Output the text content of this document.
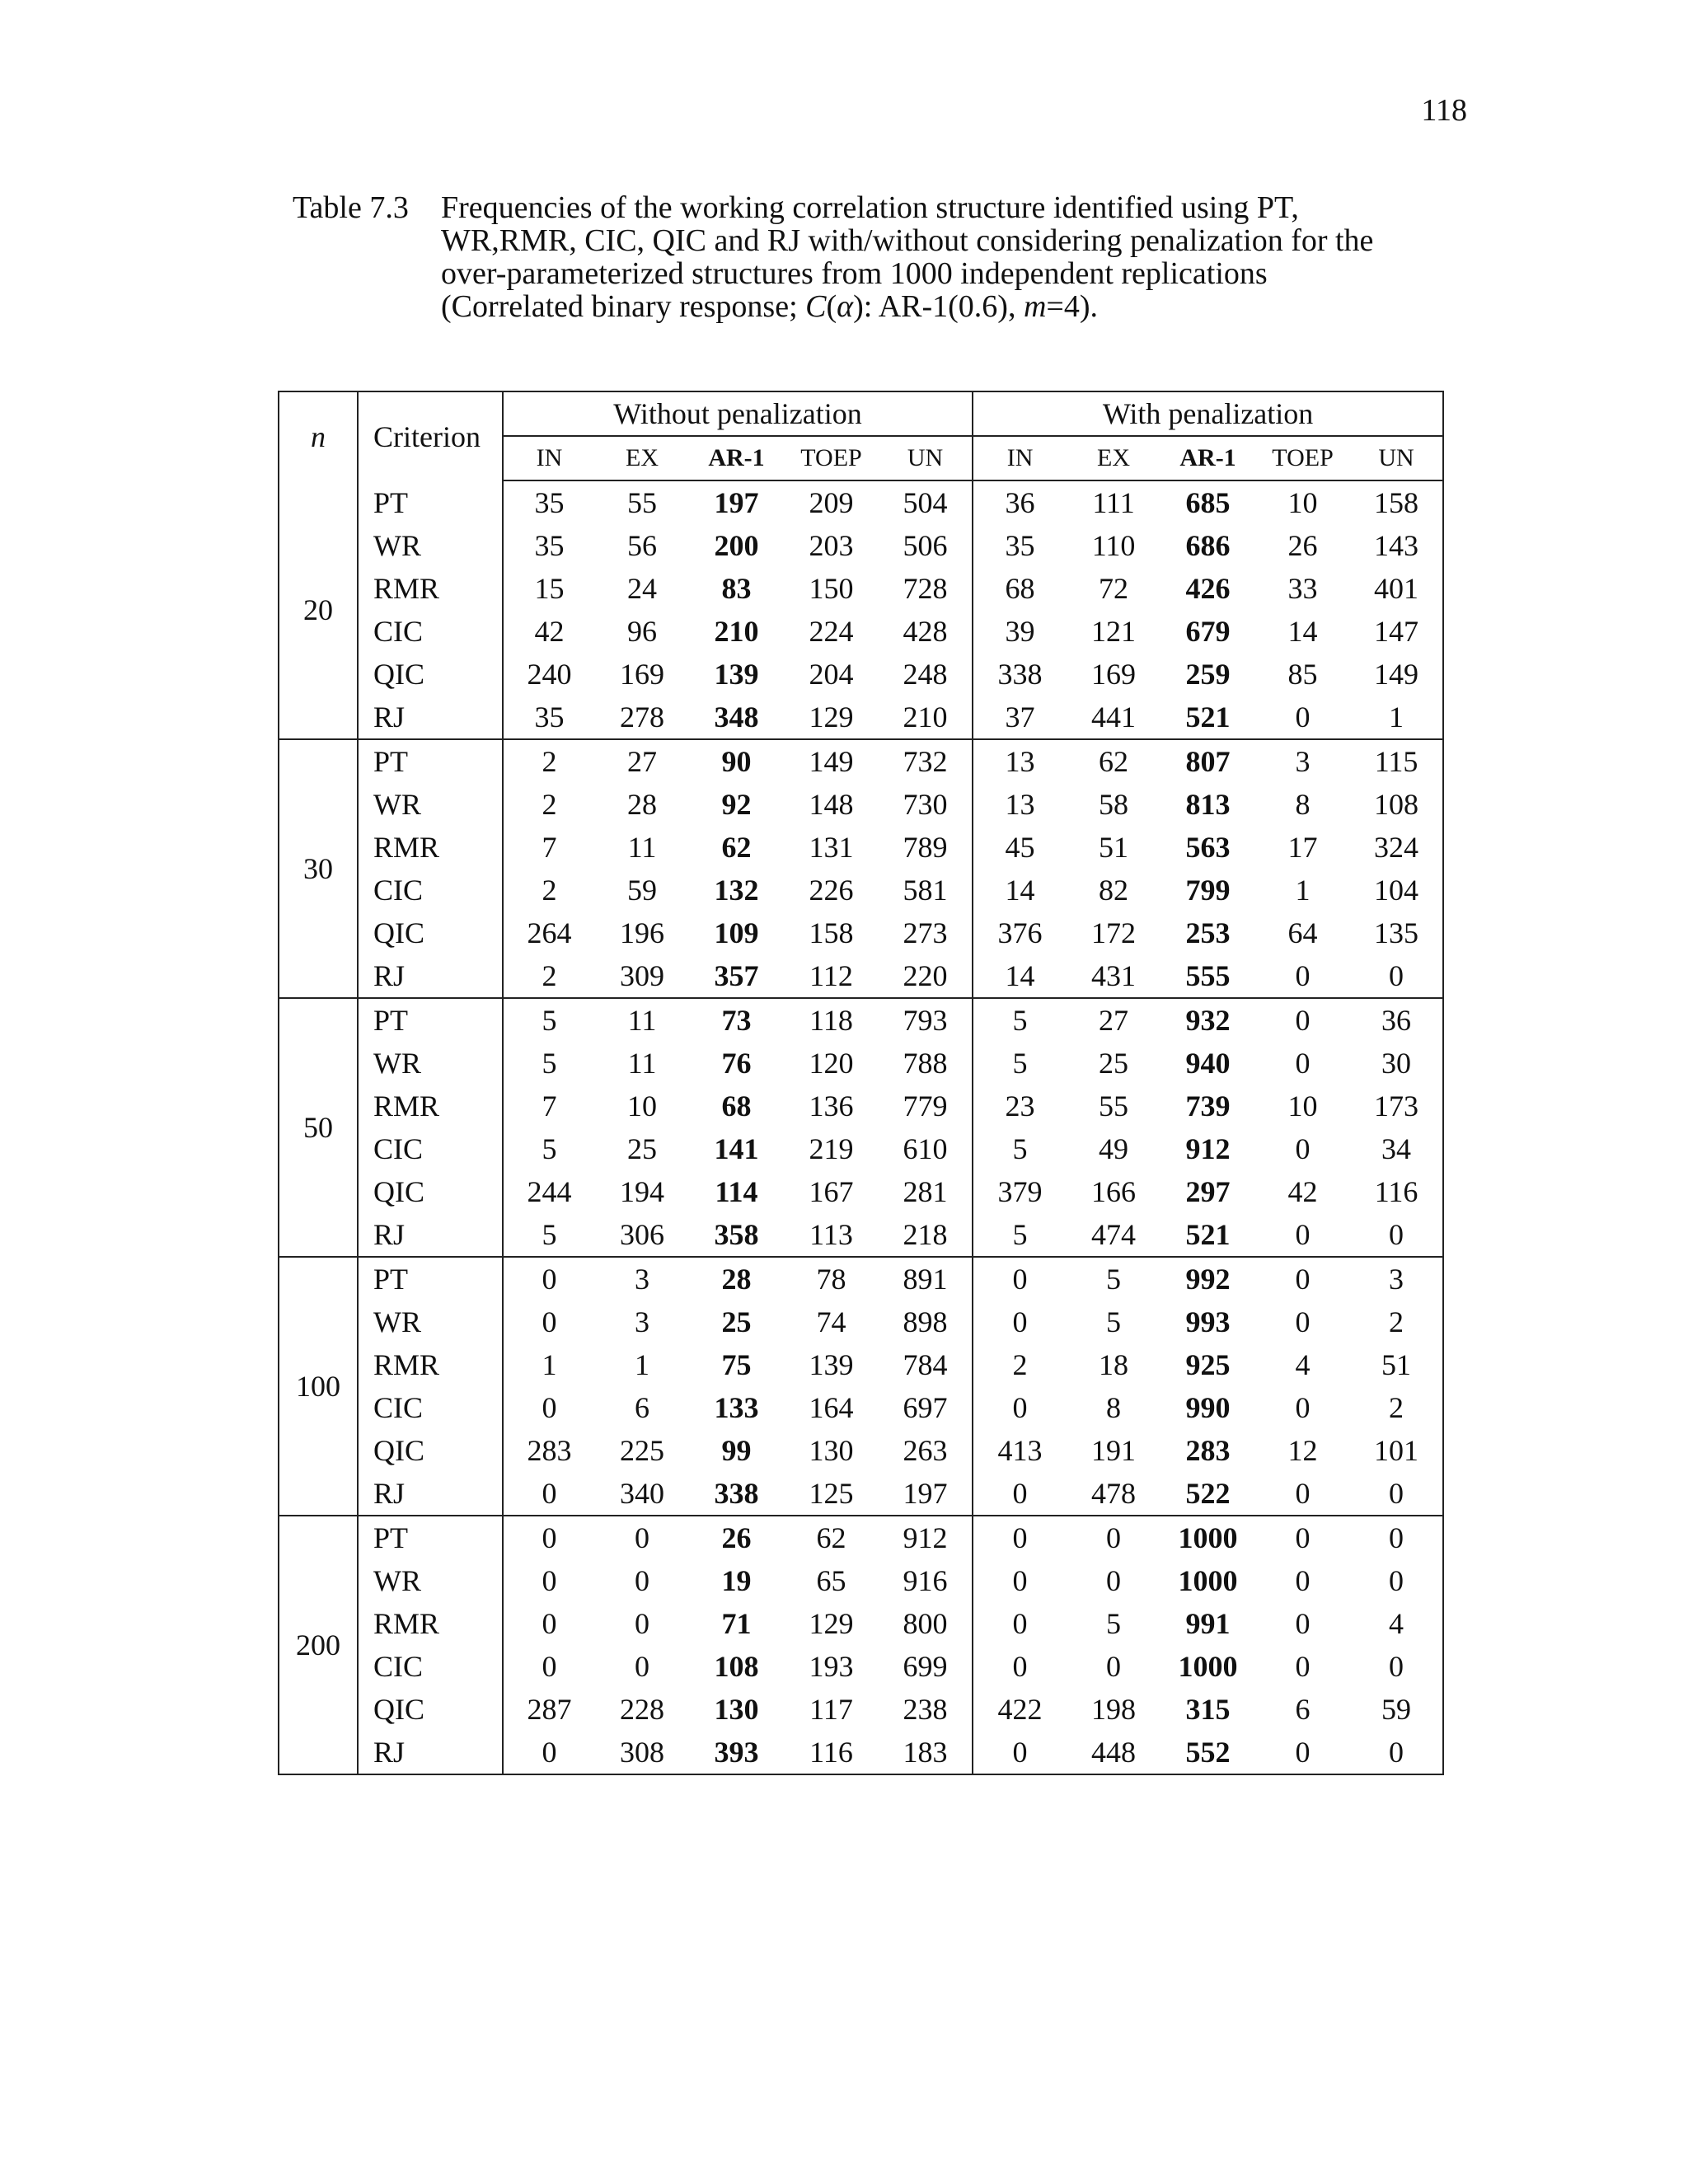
118
Table 7.3 Frequencies of the working correlation structure identified using PT,
WR,RMR, CIC, QIC and RJ with/without considering penalization for the
over-parameterized structures from 1000 independent replications
(Correlated binary response; C(α): AR-1(0.6), m=4).
n	Criterion	Without penalization					With penalization				
		IN	EX	AR-1	TOEP	UN	IN	EX	AR-1	TOEP	UN
20	PT	35	55	197	209	504	36	111	685	10	158
	WR	35	56	200	203	506	35	110	686	26	143
	RMR	15	24	83	150	728	68	72	426	33	401
	CIC	42	96	210	224	428	39	121	679	14	147
	QIC	240	169	139	204	248	338	169	259	85	149
	RJ	35	278	348	129	210	37	441	521	0	1
30	PT	2	27	90	149	732	13	62	807	3	115
	WR	2	28	92	148	730	13	58	813	8	108
	RMR	7	11	62	131	789	45	51	563	17	324
	CIC	2	59	132	226	581	14	82	799	1	104
	QIC	264	196	109	158	273	376	172	253	64	135
	RJ	2	309	357	112	220	14	431	555	0	0
50	PT	5	11	73	118	793	5	27	932	0	36
	WR	5	11	76	120	788	5	25	940	0	30
	RMR	7	10	68	136	779	23	55	739	10	173
	CIC	5	25	141	219	610	5	49	912	0	34
	QIC	244	194	114	167	281	379	166	297	42	116
	RJ	5	306	358	113	218	5	474	521	0	0
100	PT	0	3	28	78	891	0	5	992	0	3
	WR	0	3	25	74	898	0	5	993	0	2
	RMR	1	1	75	139	784	2	18	925	4	51
	CIC	0	6	133	164	697	0	8	990	0	2
	QIC	283	225	99	130	263	413	191	283	12	101
	RJ	0	340	338	125	197	0	478	522	0	0
200	PT	0	0	26	62	912	0	0	1000	0	0
	WR	0	0	19	65	916	0	0	1000	0	0
	RMR	0	0	71	129	800	0	5	991	0	4
	CIC	0	0	108	193	699	0	0	1000	0	0
	QIC	287	228	130	117	238	422	198	315	6	59
	RJ	0	308	393	116	183	0	448	552	0	0
